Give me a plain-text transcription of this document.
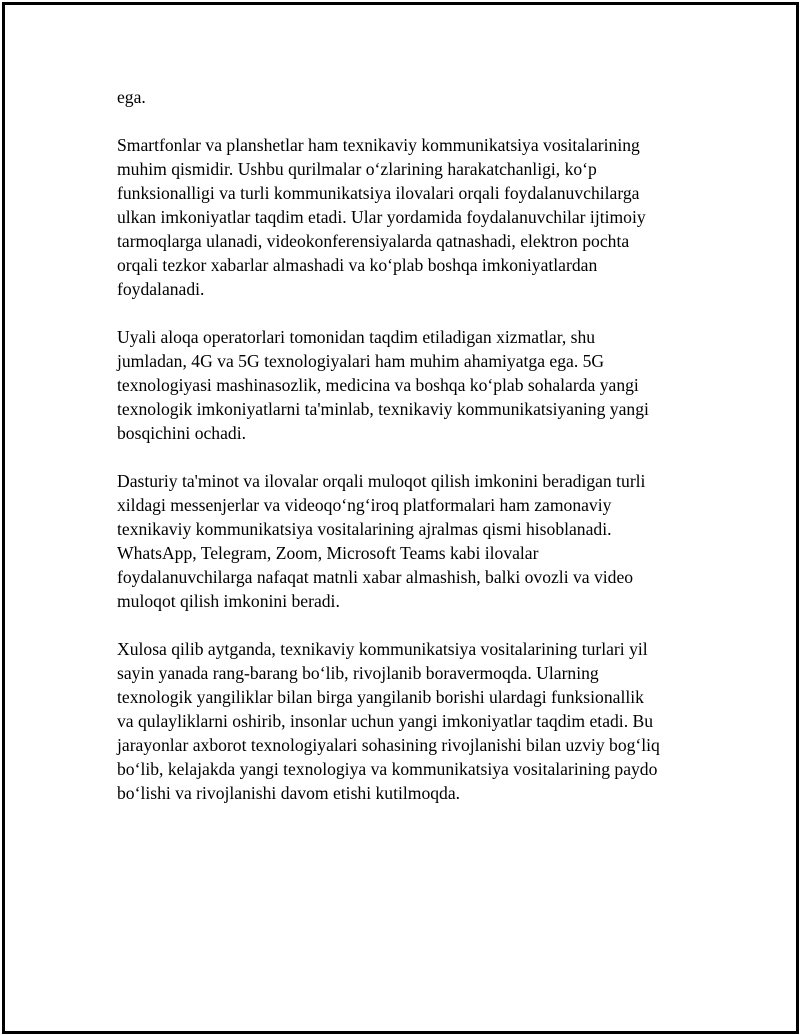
ega.

Smartfonlar va planshetlar ham texnikaviy kommunikatsiya vositalarining
muhim qismidir. Ushbu qurilmalar o‘zlarining harakatchanligi, ko‘p
funksionalligi va turli kommunikatsiya ilovalari orqali foydalanuvchilarga
ulkan imkoniyatlar taqdim etadi. Ular yordamida foydalanuvchilar ijtimoiy
tarmoqlarga ulanadi, videokonferensiyalarda qatnashadi, elektron pochta
orqali tezkor xabarlar almashadi va ko‘plab boshqa imkoniyatlardan
foydalanadi.

Uyali aloqa operatorlari tomonidan taqdim etiladigan xizmatlar, shu
jumladan, 4G va 5G texnologiyalari ham muhim ahamiyatga ega. 5G
texnologiyasi mashinasozlik, medicina va boshqa ko‘plab sohalarda yangi
texnologik imkoniyatlarni ta'minlab, texnikaviy kommunikatsiyaning yangi
bosqichini ochadi.

Dasturiy ta'minot va ilovalar orqali muloqot qilish imkonini beradigan turli
xildagi messenjerlar va videoqo‘ng‘iroq platformalari ham zamonaviy
texnikaviy kommunikatsiya vositalarining ajralmas qismi hisoblanadi.
WhatsApp, Telegram, Zoom, Microsoft Teams kabi ilovalar
foydalanuvchilarga nafaqat matnli xabar almashish, balki ovozli va video
muloqot qilish imkonini beradi.

Xulosa qilib aytganda, texnikaviy kommunikatsiya vositalarining turlari yil
sayin yanada rang-barang bo‘lib, rivojlanib boravermoqda. Ularning
texnologik yangiliklar bilan birga yangilanib borishi ulardagi funksionallik
va qulayliklarni oshirib, insonlar uchun yangi imkoniyatlar taqdim etadi. Bu
jarayonlar axborot texnologiyalari sohasining rivojlanishi bilan uzviy bog‘liq
bo‘lib, kelajakda yangi texnologiya va kommunikatsiya vositalarining paydo
bo‘lishi va rivojlanishi davom etishi kutilmoqda.
